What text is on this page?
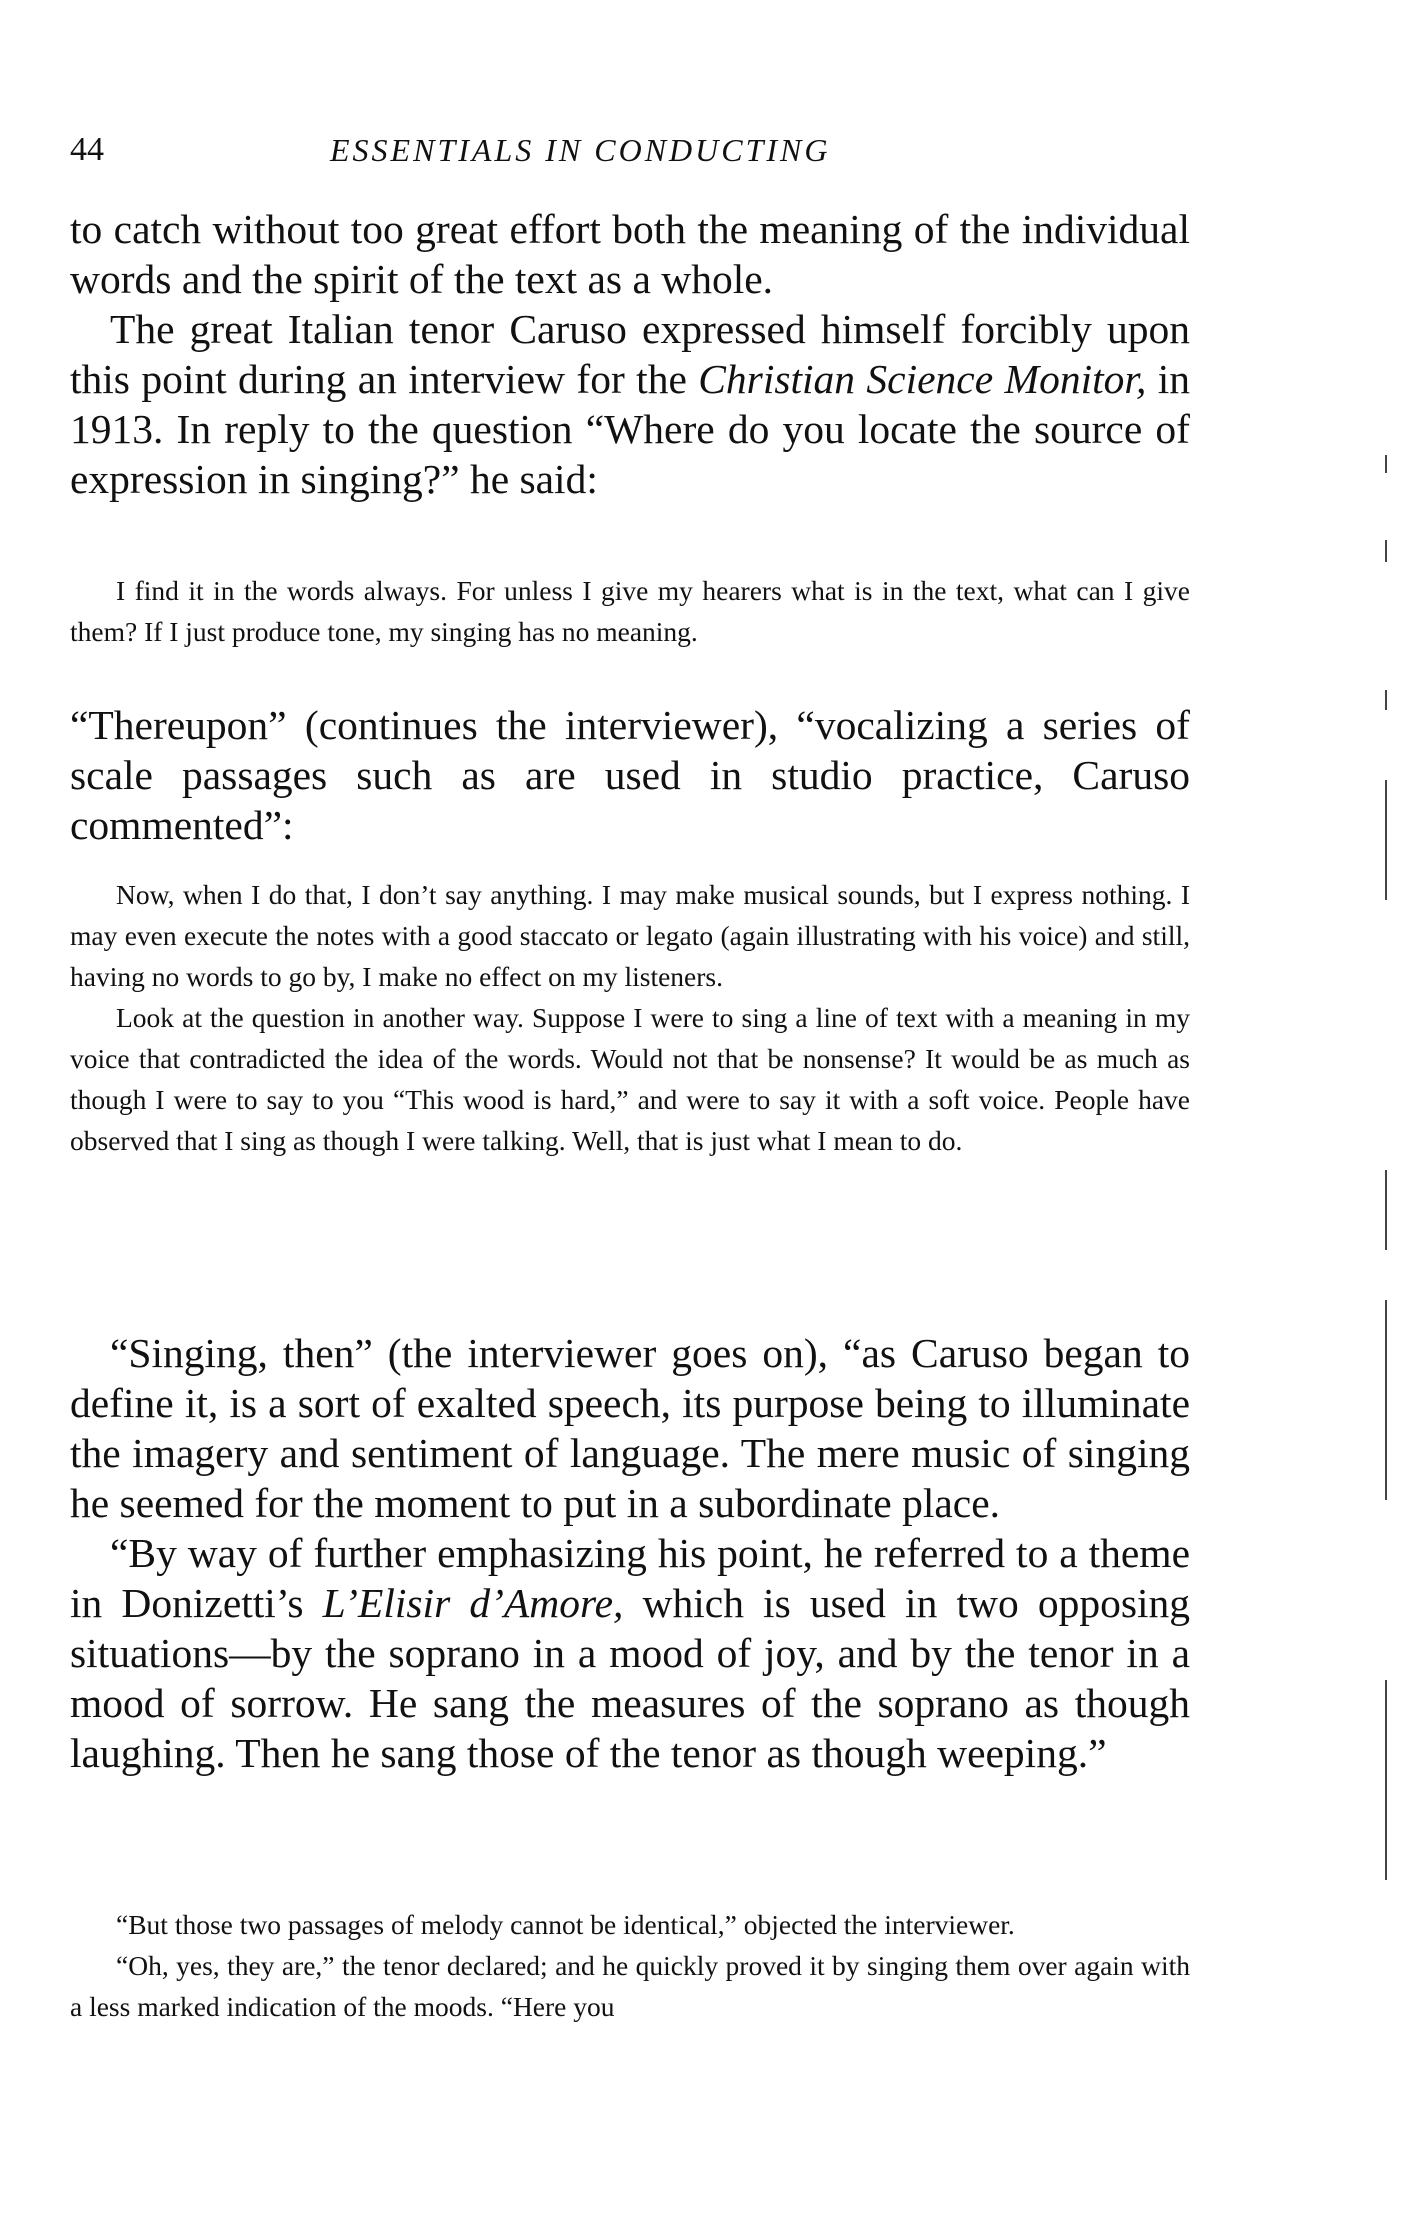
44	ESSENTIALS IN CONDUCTING

to catch without too great effort both the meaning of the individual words and the spirit of the text as a whole.

The great Italian tenor Caruso expressed himself forcibly upon this point during an interview for the Christian Science Monitor, in 1913. In reply to the question “Where do you locate the source of expression in singing?” he said:

I find it in the words always. For unless I give my hearers what is in the text, what can I give them? If I just produce tone, my singing has no meaning.

“Thereupon” (continues the interviewer), “vocalizing a series of scale passages such as are used in studio practice, Caruso commented”:

Now, when I do that, I don’t say anything. I may make musical sounds, but I express nothing. I may even execute the notes with a good staccato or legato (again illustrating with his voice) and still, having no words to go by, I make no effect on my listeners.

Look at the question in another way. Suppose I were to sing a line of text with a meaning in my voice that contradicted the idea of the words. Would not that be nonsense? It would be as much as though I were to say to you “This wood is hard,” and were to say it with a soft voice. People have observed that I sing as though I were talking. Well, that is just what I mean to do.

“Singing, then” (the interviewer goes on), “as Caruso began to define it, is a sort of exalted speech, its purpose being to illuminate the imagery and sentiment of language. The mere music of singing he seemed for the moment to put in a subordinate place.

“By way of further emphasizing his point, he referred to a theme in Donizetti’s L’Elisir d’Amore, which is used in two opposing situations—by the soprano in a mood of joy, and by the tenor in a mood of sorrow. He sang the measures of the soprano as though laughing. Then he sang those of the tenor as though weeping.”

“But those two passages of melody cannot be identical,” objected the interviewer.

“Oh, yes, they are,” the tenor declared; and he quickly proved it by singing them over again with a less marked indication of the moods. “Here you
